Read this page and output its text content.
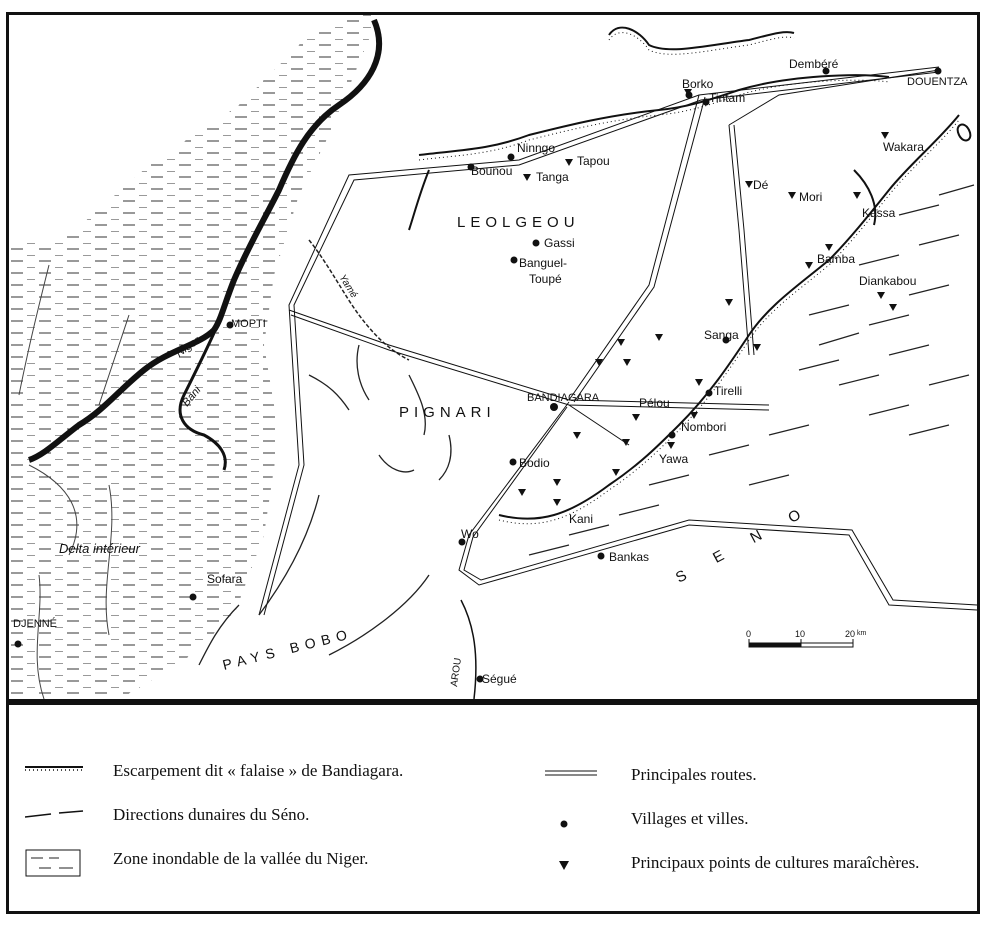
LEOLGEOU
PIGNARI
S E N O
PAYS BOBO
Delta intérieur
Niger
Bani
Yamé
AROU
DOUENTZA
Dembéré
Borko
Tintam
Ninngo
Tapou
Bounou Tanga
Wakara
Dé
Mori
Kassa
Bamba
Diankabou
Gassi
Banguel-
Toupé
MOPTI
Sanga
Tirelli
BANDIAGARA	Pélou
Nombori
Yawa
Bodio
Kani
Wo
Bankas
Sofara
DJENNÉ
Ségué
0	10	20 km
Escarpement dit « falaise » de Bandiagara.
Directions dunaires du Séno.
Zone inondable de la vallée du Niger.
Principales routes.
Villages et villes.
Principaux points de cultures maraîchères.
